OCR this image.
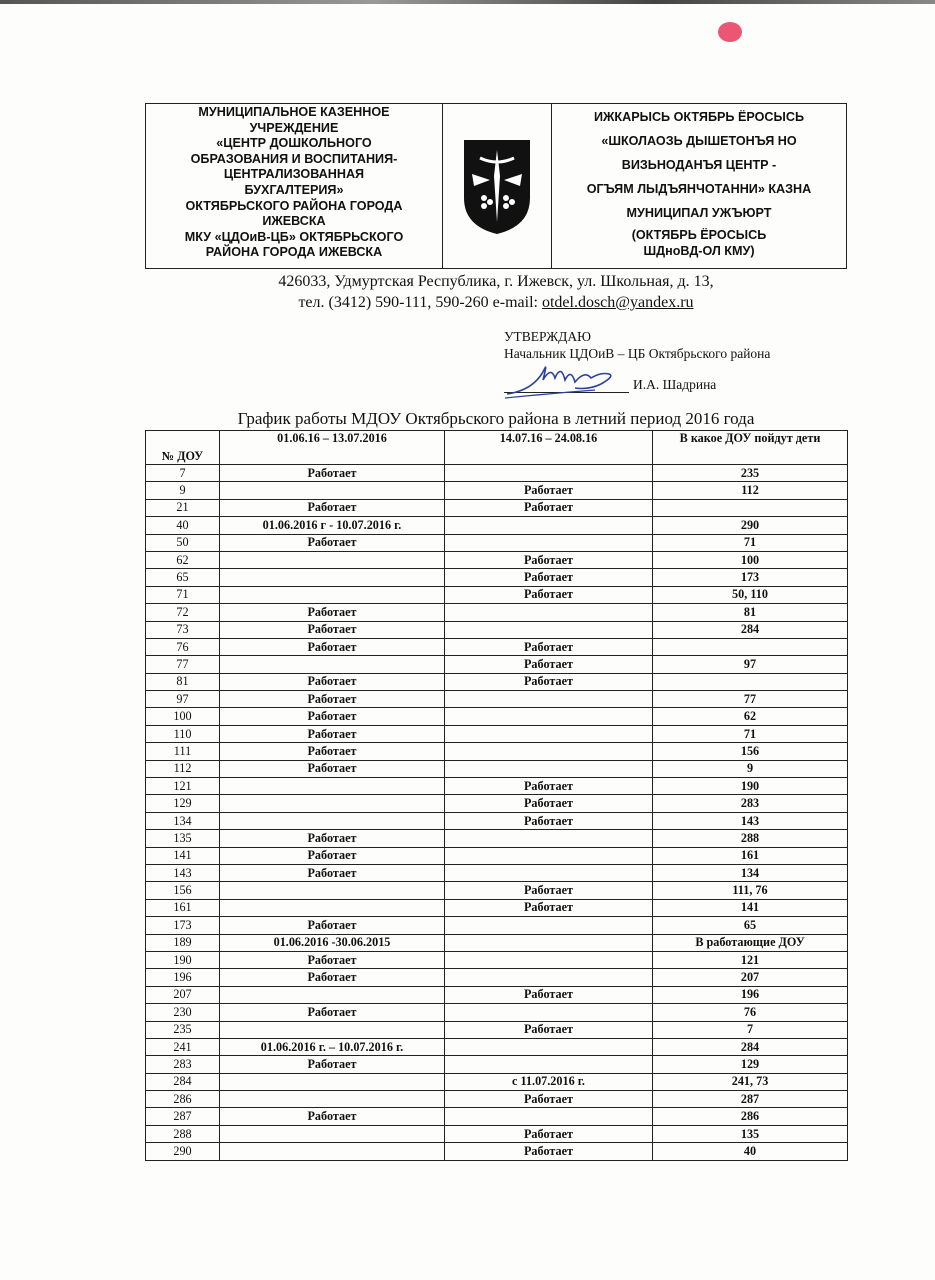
МУНИЦИПАЛЬНОЕ КАЗЕННОЕ
УЧРЕЖДЕНИЕ
«ЦЕНТР ДОШКОЛЬНОГО
ОБРАЗОВАНИЯ И ВОСПИТАНИЯ-
ЦЕНТРАЛИЗОВАННАЯ
БУХГАЛТЕРИЯ»
ОКТЯБРЬСКОГО РАЙОНА ГОРОДА
ИЖЕВСКА
МКУ «ЦДОиВ-ЦБ» ОКТЯБРЬСКОГО
РАЙОНА ГОРОДА ИЖЕВСКА
ИЖКАРЫСЬ ОКТЯБРЬ ЁРОСЫСЬ
«ШКОЛАОЗЬ ДЫШЕТОНЪЯ НО
ВИЗЬНОДАНЪЯ ЦЕНТР -
ОГЪЯМ ЛЫДЪЯНЧОТАННИ» КАЗНА
МУНИЦИПАЛ УЖЪЮРТ
(ОКТЯБРЬ ЁРОСЫСЬ
ШДноВД-ОЛ КМУ)
426033, Удмуртская Республика, г. Ижевск, ул. Школьная, д. 13,
тел. (3412) 590-111, 590-260 e-mail: otdel.dosch@yandex.ru
УТВЕРЖДАЮ
Начальник ЦДОиВ – ЦБ Октябрьского района
И.А. Шадрина
График работы МДОУ Октябрьского района в летний период 2016 года
№ ДОУ	01.06.16 – 13.07.2016	14.07.16 – 24.08.16	В какое ДОУ пойдут дети
7	Работает		235
9		Работает	112
21	Работает	Работает	
40	01.06.2016 г - 10.07.2016 г.		290
50	Работает		71
62		Работает	100
65		Работает	173
71		Работает	50, 110
72	Работает		81
73	Работает		284
76	Работает	Работает	
77		Работает	97
81	Работает	Работает	
97	Работает		77
100	Работает		62
110	Работает		71
111	Работает		156
112	Работает		9
121		Работает	190
129		Работает	283
134		Работает	143
135	Работает		288
141	Работает		161
143	Работает		134
156		Работает	111, 76
161		Работает	141
173	Работает		65
189	01.06.2016 -30.06.2015		В работающие ДОУ
190	Работает		121
196	Работает		207
207		Работает	196
230	Работает		76
235		Работает	7
241	01.06.2016 г. – 10.07.2016 г.		284
283	Работает		129
284		с 11.07.2016 г.	241, 73
286		Работает	287
287	Работает		286
288		Работает	135
290		Работает	40
